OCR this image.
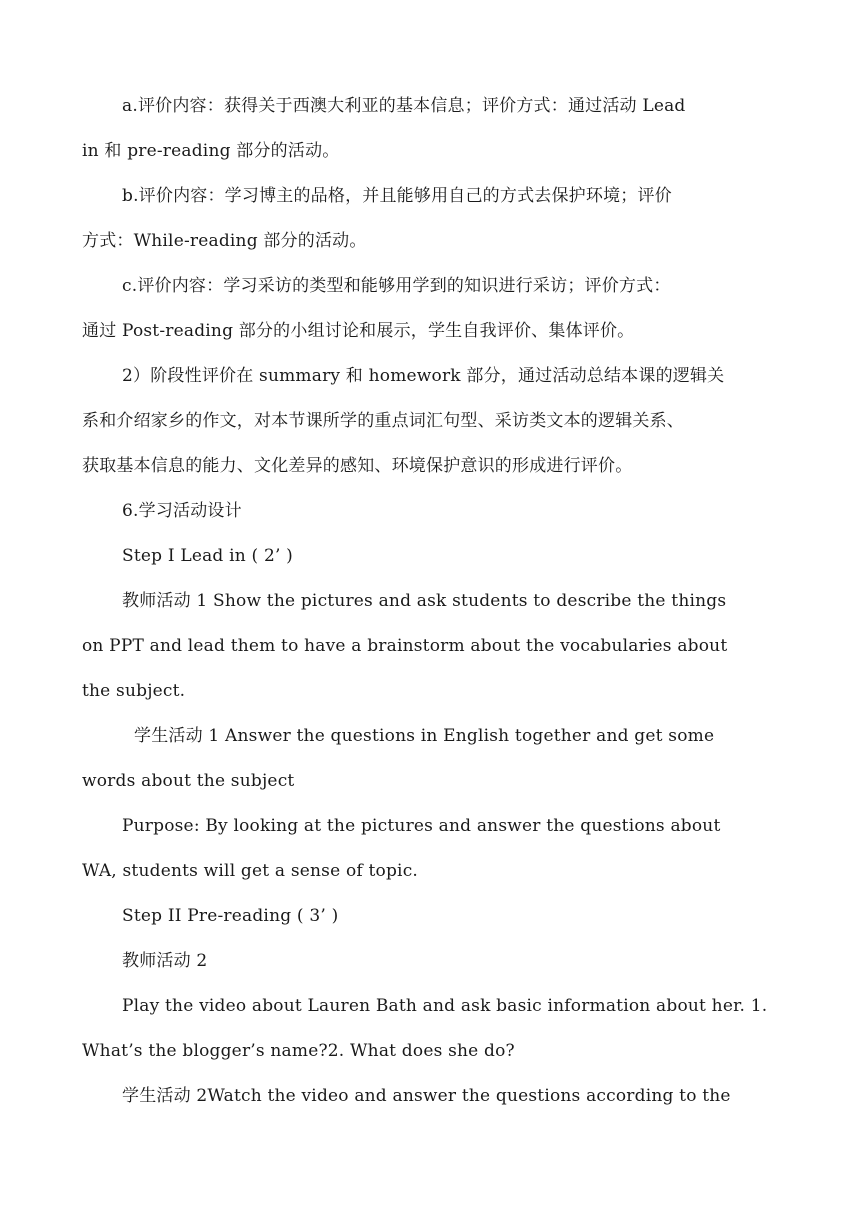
a.评价内容：获得关于西澳大利亚的基本信息；评价方式：通过活动 Lead
in 和 pre-reading 部分的活动。
b.评价内容：学习博主的品格，并且能够用自己的方式去保护环境；评价
方式：While-reading 部分的活动。
c.评价内容：学习采访的类型和能够用学到的知识进行采访；评价方式：
通过 Post-reading 部分的小组讨论和展示，学生自我评价、集体评价。
2）阶段性评价在 summary 和 homework 部分，通过活动总结本课的逻辑关
系和介绍家乡的作文，对本节课所学的重点词汇句型、采访类文本的逻辑关系、
获取基本信息的能力、文化差异的感知、环境保护意识的形成进行评价。
6.学习活动设计
Step I Lead in ( 2’ )
教师活动 1 Show the pictures and ask students to describe the things
on PPT and lead them to have a brainstorm about the vocabularies about
the subject.
学生活动 1 Answer the questions in English together and get some
words about the subject
Purpose: By looking at the pictures and answer the questions about
WA, students will get a sense of topic.
Step II Pre-reading ( 3’ )
教师活动 2
Play the video about Lauren Bath and ask basic information about her. 1.
What’s the blogger’s name?2. What does she do?
学生活动 2Watch the video and answer the questions according to the
